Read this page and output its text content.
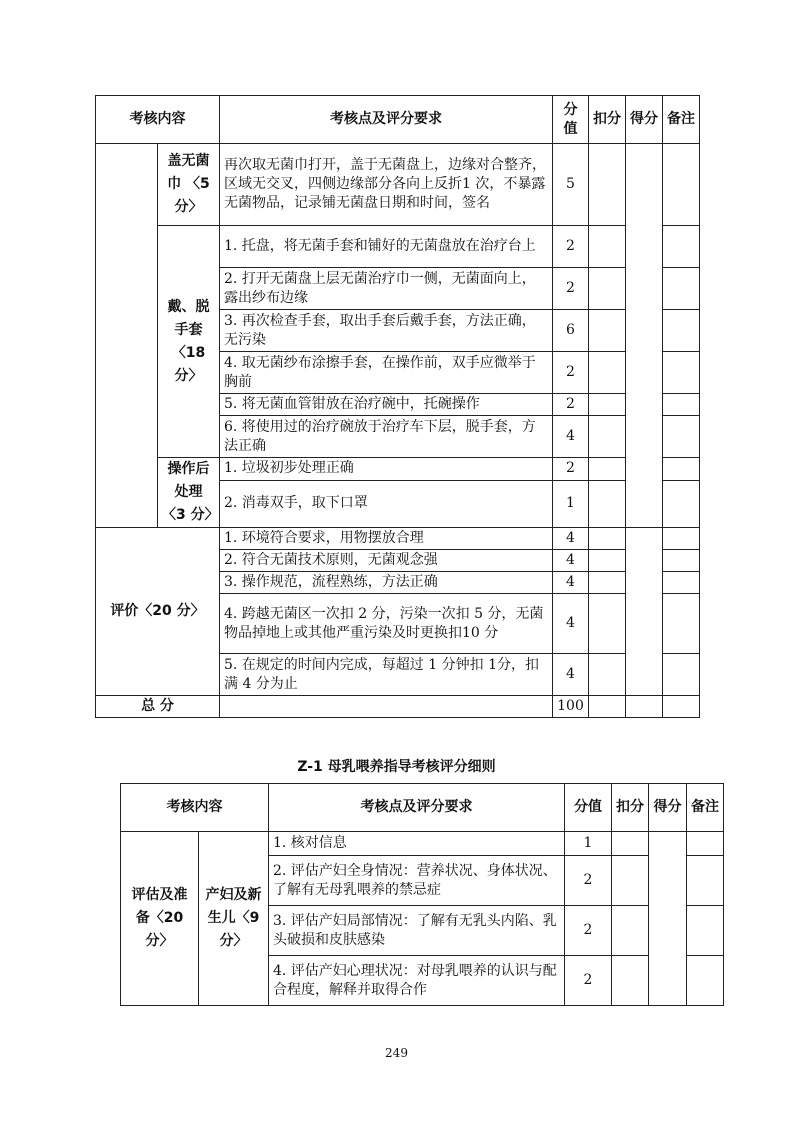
考核内容		考核点及评分要求	分值	扣分	得分	备注
	盖无菌巾 〈5 分〉	再次取无菌巾打开，盖于无菌盘上，边缘对合整齐，区域无交叉，四侧边缘部分各向上反折1 次，不暴露无菌物品，记录铺无菌盘日期和时间，签名	5			
	戴、脱手套〈18 分〉	1. 托盘，将无菌手套和铺好的无菌盘放在治疗台上	2			
		2. 打开无菌盘上层无菌治疗巾一侧，无菌面向上，露出纱布边缘	2			
		3. 再次检查手套，取出手套后戴手套，方法正确，无污染	6			
		4. 取无菌纱布涂擦手套，在操作前，双手应微举于胸前	2			
		5. 将无菌血管钳放在治疗碗中，托碗操作	2			
		6. 将使用过的治疗碗放于治疗车下层，脱手套，方法正确	4			
	操作后处理 〈3 分〉	1. 垃圾初步处理正确	2			
		2. 消毒双手，取下口罩	1			
评价〈20 分〉		1. 环境符合要求，用物摆放合理	4			
		2. 符合无菌技术原则，无菌观念强	4			
		3. 操作规范，流程熟练，方法正确	4			
		4. 跨越无菌区一次扣 2 分，污染一次扣 5 分，无菌物品掉地上或其他严重污染及时更换扣10 分	4			
		5. 在规定的时间内完成，每超过 1 分钟扣 1分，扣满 4 分为止	4			
总 分			100			
Z-1 母乳喂养指导考核评分细则
考核内容		考核点及评分要求	分值	扣分	得分	备注
评估及准备〈20 分〉	产妇及新生儿〈9 分〉	1. 核对信息	1			
		2. 评估产妇全身情况：营养状况、身体状况、了解有无母乳喂养的禁忌症	2			
		3. 评估产妇局部情况：了解有无乳头内陷、乳头破损和皮肤感染	2			
		4. 评估产妇心理状况：对母乳喂养的认识与配合程度，解释并取得合作	2			
249
